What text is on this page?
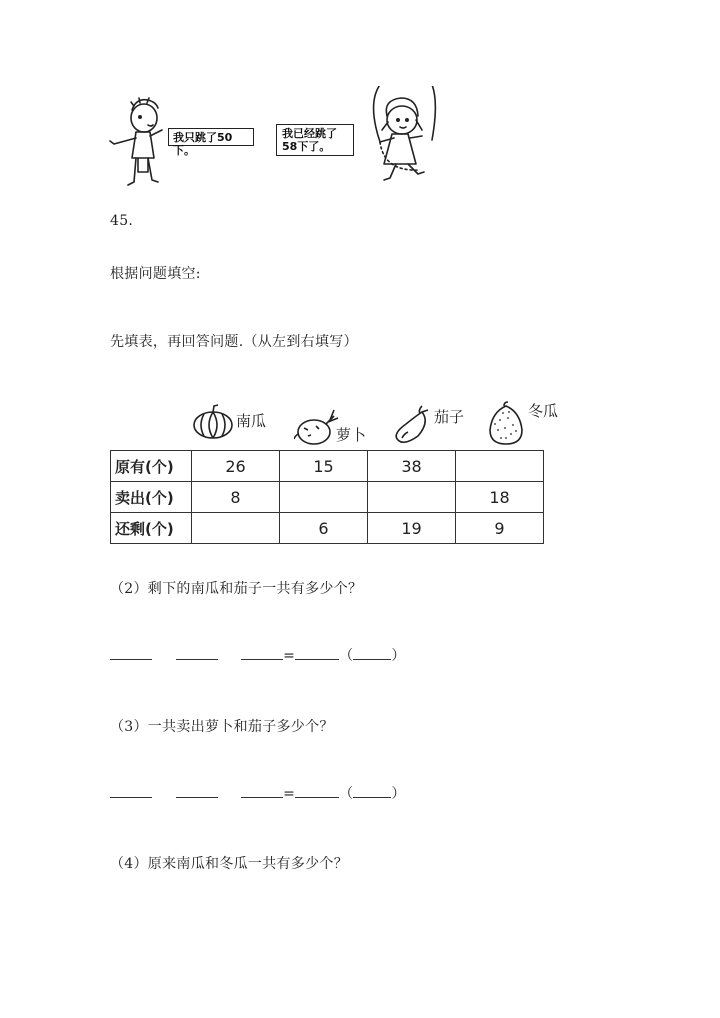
我只跳了50下。
我已经跳了
58下了。
45.
根据问题填空:
先填表，再回答问题.（从左到右填写）
南瓜
萝卜
茄子	冬瓜
原有(个)	26	15	38	
卖出(个)	8			18
还剩(个)		6	19	9
（2）剩下的南瓜和茄子一共有多少个？
=	（	）
（3）一共卖出萝卜和茄子多少个？
=	（	）
（4）原来南瓜和冬瓜一共有多少个？
